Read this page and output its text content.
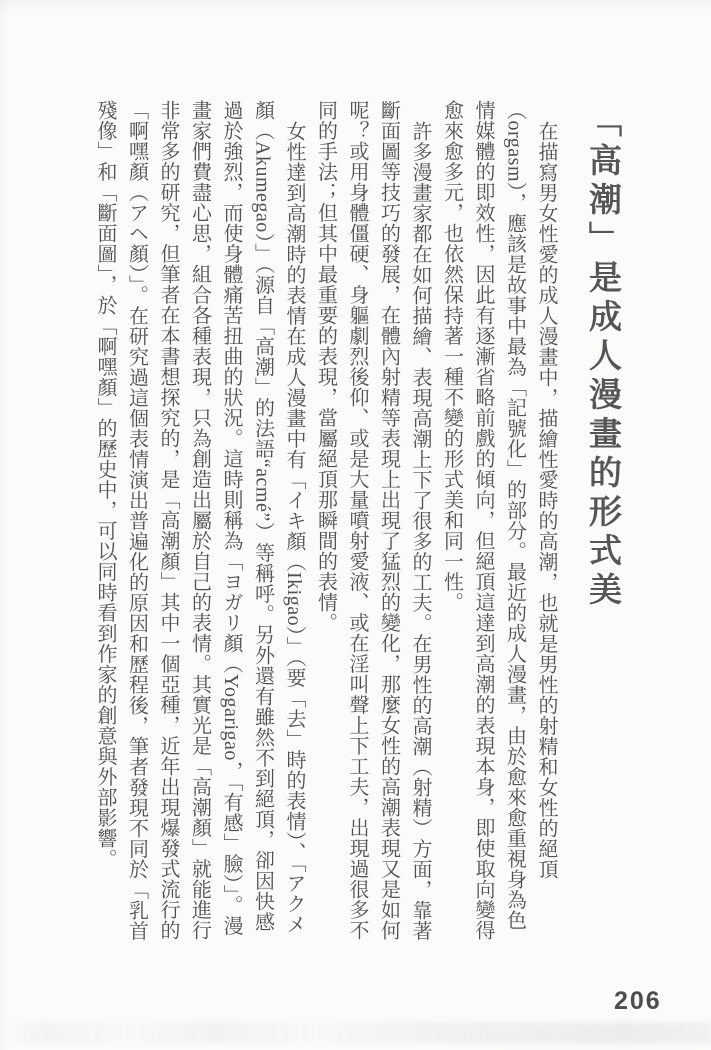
「高潮」是成人漫畫的形式美

在描寫男女性愛的成人漫畫中，描繪性愛時的高潮，也就是男性的射精和女性的絕頂（orgasm），應該是故事中最為「記號化」的部分。最近的成人漫畫，由於愈來愈重視身為色情媒體的即效性，因此有逐漸省略前戲的傾向，但絕頂這達到高潮的表現本身，即使取向變得愈來愈多元，也依然保持著一種不變的形式美和同一性。

許多漫畫家都在如何描繪、表現高潮上下了很多的工夫。在男性的高潮（射精）方面，靠著斷面圖等技巧的發展，在體內射精等表現上出現了猛烈的變化，那麼女性的高潮表現又是如何呢？或用身體僵硬、身軀劇烈後仰、或是大量噴射愛液、或在淫叫聲上下工夫，出現過很多不同的手法；但其中最重要的表現，當屬絕頂那瞬間的表情。

女性達到高潮時的表情在成人漫畫中有「イキ顏（Ikigao）」（要「去」時的表情）、「アクメ顏（Akumegao）」（源自「高潮」的法語“acmé”）等稱呼。另外還有雖然不到絕頂，卻因快感過於強烈，而使身體痛苦扭曲的狀況。這時則稱為「ヨガリ顏（Yogarigao，「有感」臉）」。漫畫家們費盡心思，組合各種表現，只為創造出屬於自己的表情。其實光是「高潮顏」就能進行非常多的研究，但筆者在本書想探究的，是「高潮顏」其中一個亞種，近年出現爆發式流行的「啊嘿顏（アヘ顏）」。在研究過這個表情演出普遍化的原因和歷程後，筆者發現不同於「乳首殘像」和「斷面圖」，於「啊嘿顏」的歷史中，可以同時看到作家的創意與外部影響。

206
